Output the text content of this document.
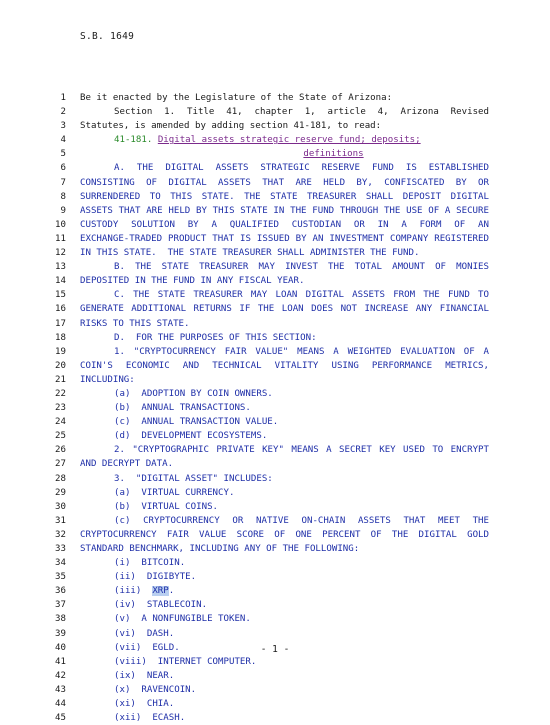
S.B. 1649
1 Be it enacted by the Legislature of the State of Arizona:
2	Section 1. Title 41, chapter 1, article 4, Arizona Revised
3 Statutes, is amended by adding section 41-181, to read:
4	41-181. Digital assets strategic reserve fund; deposits;
5	definitions
6	A. THE DIGITAL ASSETS STRATEGIC RESERVE FUND IS ESTABLISHED
7 CONSISTING OF DIGITAL ASSETS THAT ARE HELD BY, CONFISCATED BY OR
8 SURRENDERED TO THIS STATE. THE STATE TREASURER SHALL DEPOSIT DIGITAL
9 ASSETS THAT ARE HELD BY THIS STATE IN THE FUND THROUGH THE USE OF A SECURE
10 CUSTODY SOLUTION BY A QUALIFIED CUSTODIAN OR IN A FORM OF AN
11 EXCHANGE-TRADED PRODUCT THAT IS ISSUED BY AN INVESTMENT COMPANY REGISTERED
12 IN THIS STATE.  THE STATE TREASURER SHALL ADMINISTER THE FUND.
13	B. THE STATE TREASURER MAY INVEST THE TOTAL AMOUNT OF MONIES
14 DEPOSITED IN THE FUND IN ANY FISCAL YEAR.
15	C. THE STATE TREASURER MAY LOAN DIGITAL ASSETS FROM THE FUND TO
16 GENERATE ADDITIONAL RETURNS IF THE LOAN DOES NOT INCREASE ANY FINANCIAL
17 RISKS TO THIS STATE.
18	D.  FOR THE PURPOSES OF THIS SECTION:
19	1. "CRYPTOCURRENCY FAIR VALUE" MEANS A WEIGHTED EVALUATION OF A
20 COIN'S ECONOMIC AND TECHNICAL VITALITY USING PERFORMANCE METRICS,
21 INCLUDING:
22	(a)  ADOPTION BY COIN OWNERS.
23	(b)  ANNUAL TRANSACTIONS.
24	(c)  ANNUAL TRANSACTION VALUE.
25	(d)  DEVELOPMENT ECOSYSTEMS.
26	2. "CRYPTOGRAPHIC PRIVATE KEY" MEANS A SECRET KEY USED TO ENCRYPT
27 AND DECRYPT DATA.
28	3.  "DIGITAL ASSET" INCLUDES:
29	(a)  VIRTUAL CURRENCY.
30	(b)  VIRTUAL COINS.
31	(c) CRYPTOCURRENCY OR NATIVE ON-CHAIN ASSETS THAT MEET THE
32 CRYPTOCURRENCY FAIR VALUE SCORE OF ONE PERCENT OF THE DIGITAL GOLD
33 STANDARD BENCHMARK, INCLUDING ANY OF THE FOLLOWING:
34	(i)  BITCOIN.
35	(ii)  DIGIBYTE.
36	(iii)  XRP.
37	(iv)  STABLECOIN.
38	(v)  A NONFUNGIBLE TOKEN.
39	(vi)  DASH.
40	(vii)  EGLD.
41	(viii)  INTERNET COMPUTER.
42	(ix)  NEAR.
43	(x)  RAVENCOIN.
44	(xi)  CHIA.
45	(xii)  ECASH.
- 1 -
